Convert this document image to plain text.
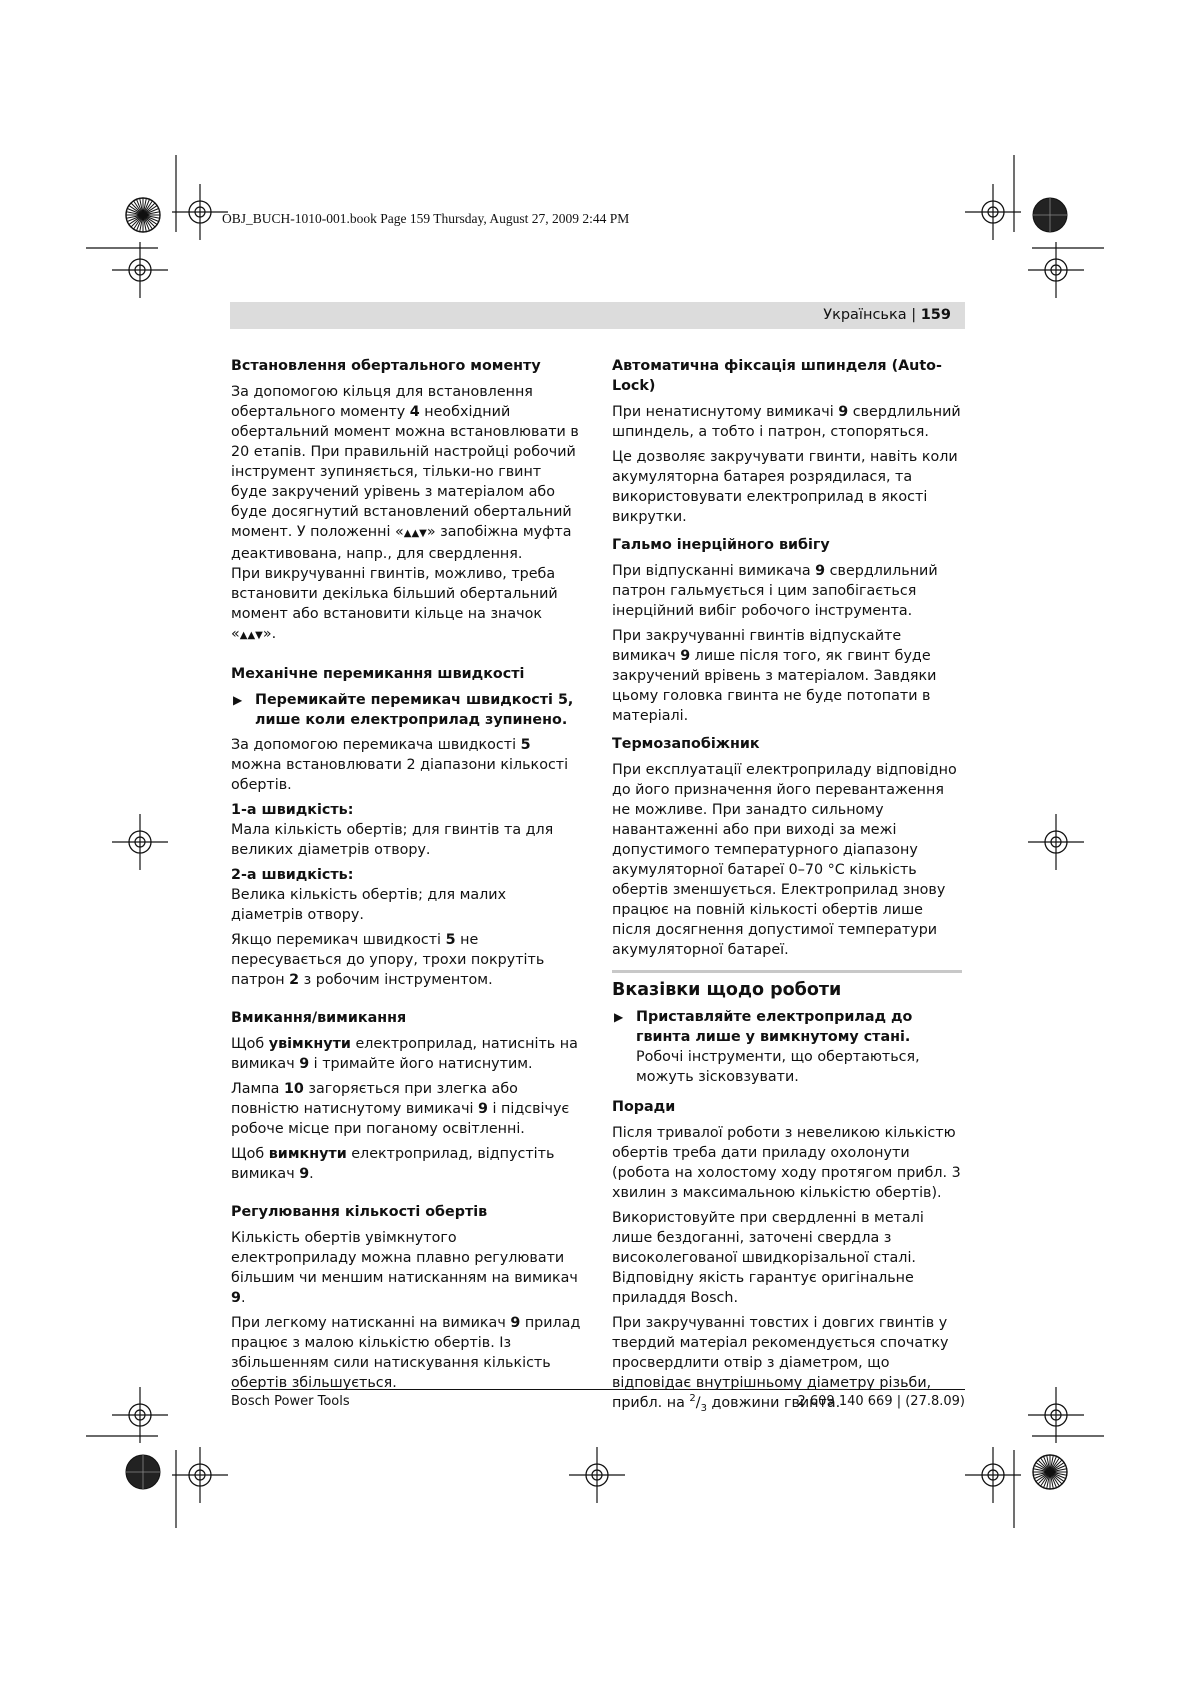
OBJ_BUCH-1010-001.book Page 159 Thursday, August 27, 2009 2:44 PM
Українська | 159
Встановлення обертального моменту

За допомогою кільця для встановлення обертального моменту 4 необхідний обертальний момент можна встановлювати в 20 етапів. При правильній настройці робочий інструмент зупиняється, тільки-но гвинт буде закручений урівень з матеріалом або буде досягнутий встановлений обертальний момент. У положенні «▲▲▼» запобіжна муфта деактивована, напр., для свердлення.

При викручуванні гвинтів, можливо, треба встановити декілька більший обертальний момент або встановити кільце на значок «▲▲▼».

Механічне перемикання швидкості
▶ Перемикайте перемикач швидкості 5, лише коли електроприлад зупинено.

За допомогою перемикача швидкості 5 можна встановлювати 2 діапазони кількості обертів.

1-а швидкість:

Мала кількість обертів; для гвинтів та для великих діаметрів отвору.

2-а швидкість:

Велика кількість обертів; для малих діаметрів отвору.

Якщо перемикач швидкості 5 не пересувається до упору, трохи покрутіть патрон 2 з робочим інструментом.

Вмикання/вимикання

Щоб увімкнути електроприлад, натисніть на вимикач 9 і тримайте його натиснутим.

Лампа 10 загоряється при злегка або повністю натиснутому вимикачі 9 і підсвічує робоче місце при поганому освітленні.

Щоб вимкнути електроприлад, відпустіть вимикач 9.

Регулювання кількості обертів

Кількість обертів увімкнутого електроприладу можна плавно регулювати більшим чи меншим натисканням на вимикач 9.

При легкому натисканні на вимикач 9 прилад працює з малою кількістю обертів. Із збільшенням сили натискування кількість обертів збільшується.

Автоматична фіксація шпинделя (Auto-Lock)

При ненатиснутому вимикачі 9 свердлильний шпиндель, а тобто і патрон, стопоряться.

Це дозволяє закручувати гвинти, навіть коли акумуляторна батарея розрядилася, та використовувати електроприлад в якості викрутки.

Гальмо інерційного вибігу

При відпусканні вимикача 9 свердлильний патрон гальмується і цим запобігається інерційний вибіг робочого інструмента.

При закручуванні гвинтів відпускайте вимикач 9 лише після того, як гвинт буде закручений врівень з матеріалом. Завдяки цьому головка гвинта не буде потопати в матеріалі.

Термозапобіжник

При експлуатації електроприладу відповідно до його призначення його перевантаження не можливе. При занадто сильному навантаженні або при виході за межі допустимого температурного діапазону акумуляторної батареї 0–70 °C кількість обертів зменшується. Електроприлад знову працює на повній кількості обертів лише після досягнення допустимої температури акумуляторної батареї.

Вказівки щодо роботи
▶ Приставляйте електроприлад до гвинта лише у вимкнутому стані. Робочі інструменти, що обертаються, можуть зісковзувати.
Поради

Після тривалої роботи з невеликою кількістю обертів треба дати приладу охолонути (робота на холостому ходу протягом прибл. 3 хвилин з максимальною кількістю обертів).

Використовуйте при свердленні в металі лише бездоганні, заточені свердла з високолегованої швидкорізальної сталі. Відповідну якість гарантує оригінальне приладдя Bosch.

При закручуванні товстих і довгих гвинтів у твердий матеріал рекомендується спочатку просвердлити отвір з діаметром, що відповідає внутрішньому діаметру різьби, прибл. на $^2/_3$ довжини гвинта.

Bosch Power Tools	2 609 140 669 | (27.8.09)
